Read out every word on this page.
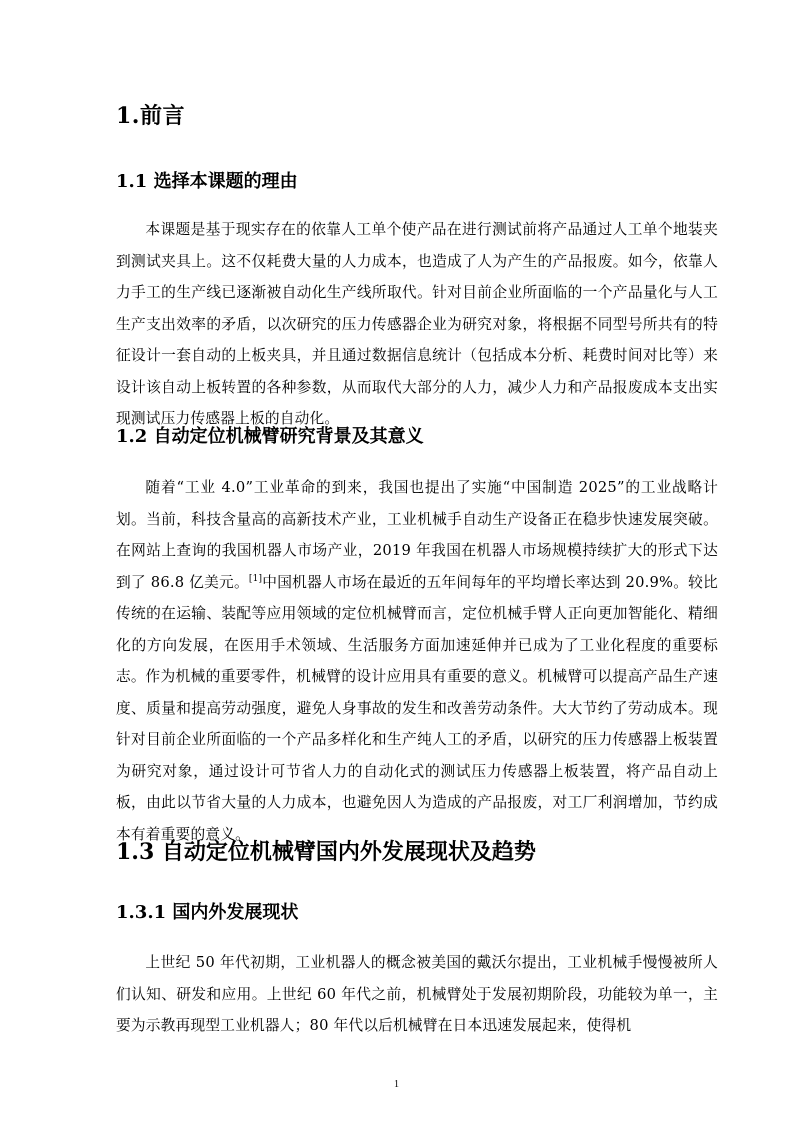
1.前言
1.1 选择本课题的理由

本课题是基于现实存在的依靠人工单个使产品在进行测试前将产品通过人工单个地装夹到测试夹具上。这不仅耗费大量的人力成本，也造成了人为产生的产品报废。如今，依靠人力手工的生产线已逐渐被自动化生产线所取代。针对目前企业所面临的一个产品量化与人工生产支出效率的矛盾，以次研究的压力传感器企业为研究对象，将根据不同型号所共有的特征设计一套自动的上板夹具，并且通过数据信息统计（包括成本分析、耗费时间对比等）来设计该自动上板转置的各种参数，从而取代大部分的人力，减少人力和产品报废成本支出实现测试压力传感器上板的自动化。

1.2 自动定位机械臂研究背景及其意义

随着“工业 4.0”工业革命的到来，我国也提出了实施“中国制造 2025”的工业战略计划。当前，科技含量高的高新技术产业，工业机械手自动生产设备正在稳步快速发展突破。在网站上查询的我国机器人市场产业，2019 年我国在机器人市场规模持续扩大的形式下达到了 86.8 亿美元。[1]中国机器人市场在最近的五年间每年的平均增长率达到 20.9%。较比传统的在运输、装配等应用领域的定位机械臂而言，定位机械手臂人正向更加智能化、精细化的方向发展，在医用手术领域、生活服务方面加速延伸并已成为了工业化程度的重要标志。 作为机械的重要零件，机械臂的设计应用具有重要的意义。机械臂可以提高产品生产速度、质量和提高劳动强度，避免人身事故的发生和改善劳动条件。大大节约了劳动成本。现针对目前企业所面临的一个产品多样化和生产纯人工的矛盾，以研究的压力传感器上板装置为研究对象，通过设计可节省人力的自动化式的测试压力传感器上板装置，将产品自动上板，由此以节省大量的人力成本，也避免因人为造成的产品报废，对工厂利润增加，节约成本有着重要的意义。

1.3 自动定位机械臂国内外发展现状及趋势
1.3.1 国内外发展现状

上世纪 50 年代初期，工业机器人的概念被美国的戴沃尔提出，工业机械手慢慢被所人们认知、研发和应用。上世纪 60 年代之前，机械臂处于发展初期阶段，功能较为单一，主要为示教再现型工业机器人；80 年代以后机械臂在日本迅速发展起来，使得机

1
